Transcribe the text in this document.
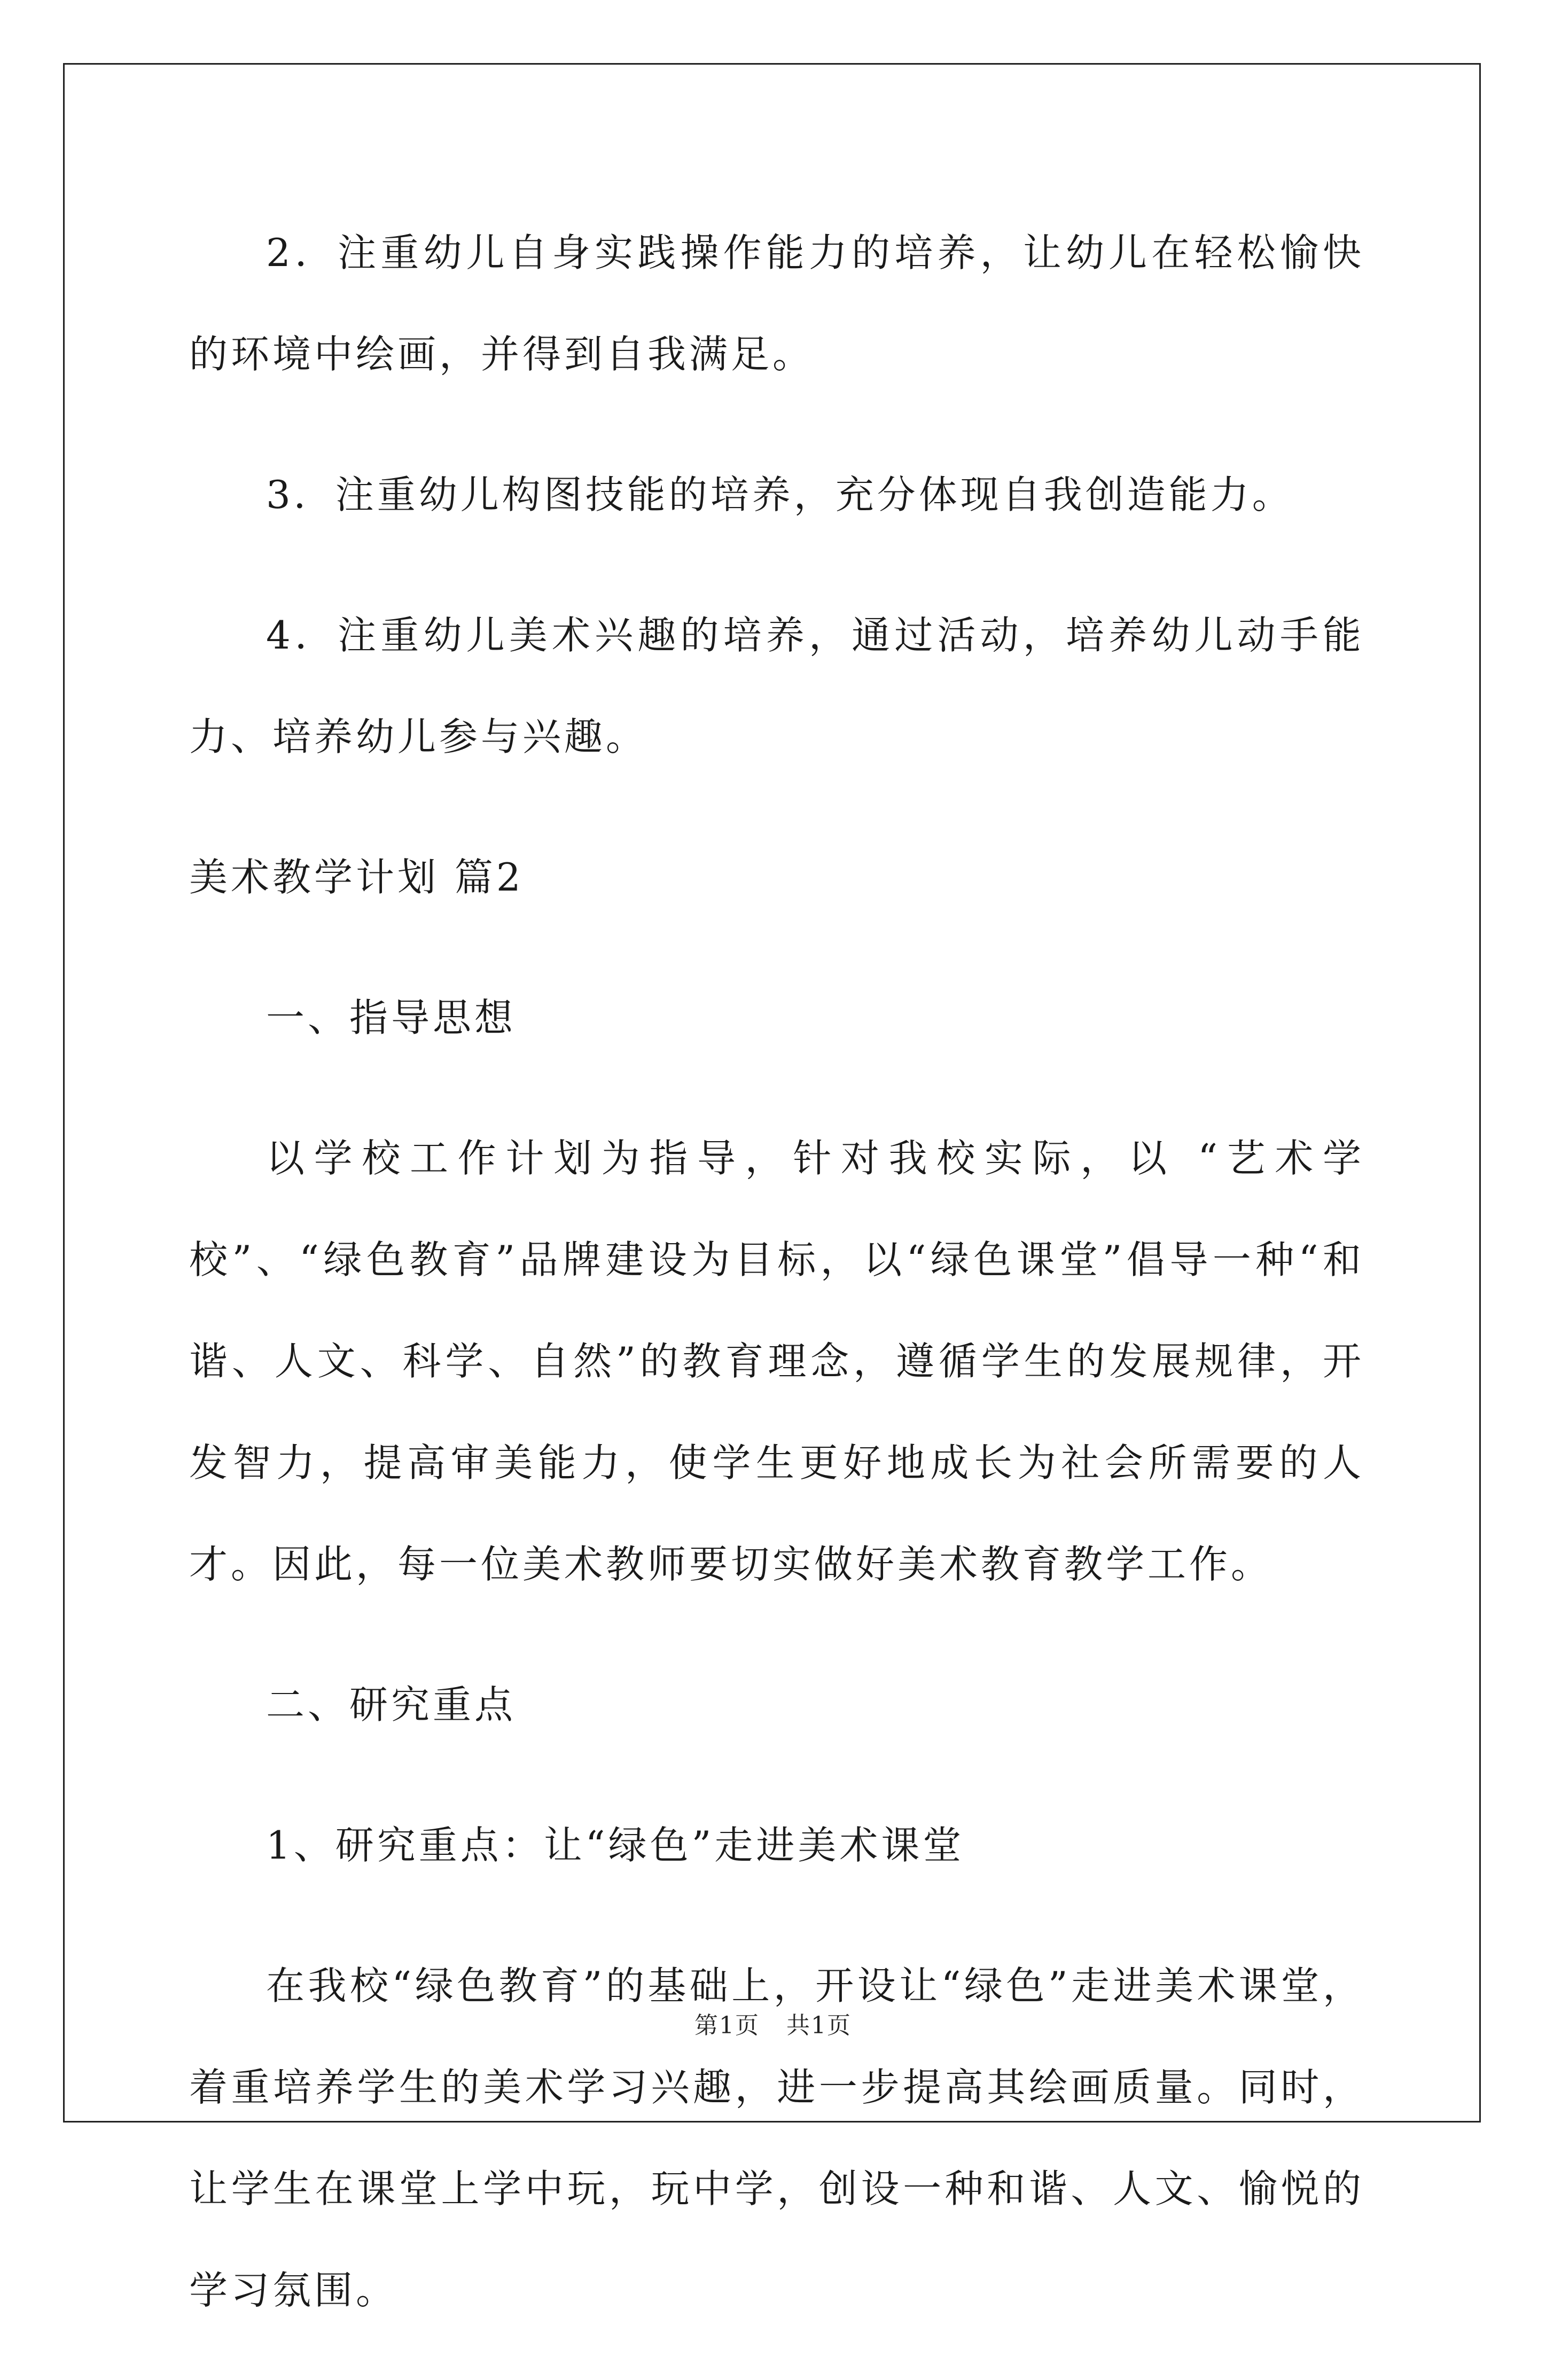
2．注重幼儿自身实践操作能力的培养，让幼儿在轻松愉快的环境中绘画，并得到自我满足。

3．注重幼儿构图技能的培养，充分体现自我创造能力。

4．注重幼儿美术兴趣的培养，通过活动，培养幼儿动手能力、培养幼儿参与兴趣。

美术教学计划 篇2

一、指导思想

以学校工作计划为指导，针对我校实际，以 “艺术学校”、“绿色教育”品牌建设为目标，以“绿色课堂”倡导一种“和谐、人文、科学、自然”的教育理念，遵循学生的发展规律，开发智力，提高审美能力，使学生更好地成长为社会所需要的人才。因此，每一位美术教师要切实做好美术教育教学工作。

二、研究重点

1、研究重点：让“绿色”走进美术课堂

在我校“绿色教育”的基础上，开设让“绿色”走进美术课堂，着重培养学生的美术学习兴趣，进一步提高其绘画质量。同时，让学生在课堂上学中玩，玩中学，创设一种和谐、人文、愉悦的学习氛围。

第1页 共1页
